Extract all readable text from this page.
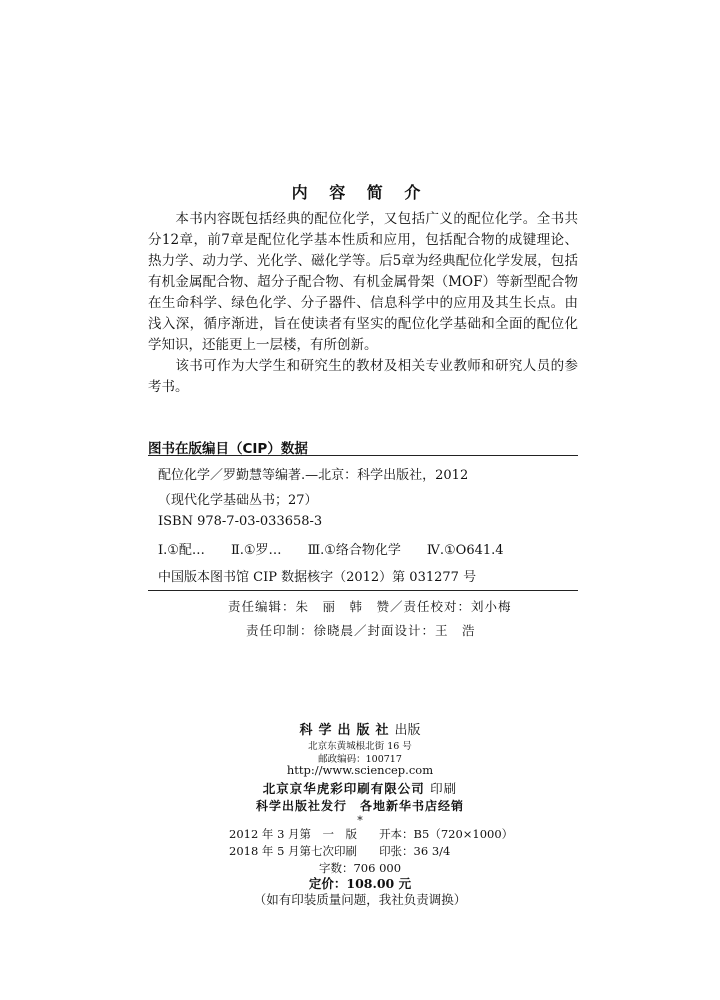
内 容 简 介
本书内容既包括经典的配位化学，又包括广义的配位化学。全书共分12章，前7章是配位化学基本性质和应用，包括配合物的成键理论、热力学、动力学、光化学、磁化学等。后5章为经典配位化学发展，包括有机金属配合物、超分子配合物、有机金属骨架（MOF）等新型配合物在生命科学、绿色化学、分子器件、信息科学中的应用及其生长点。由浅入深，循序渐进，旨在使读者有坚实的配位化学基础和全面的配位化学知识，还能更上一层楼，有所创新。
该书可作为大学生和研究生的教材及相关专业教师和研究人员的参考书。
图书在版编目（CIP）数据
配位化学／罗勤慧等编著.—北京：科学出版社，2012
（现代化学基础丛书；27）
ISBN 978-7-03-033658-3
Ⅰ.①配… Ⅱ.①罗… Ⅲ.①络合物化学 Ⅳ.①O641.4
中国版本图书馆 CIP 数据核字（2012）第 031277 号
责任编辑：朱　丽　韩　赞／责任校对：刘小梅
责任印制：徐晓晨／封面设计：王　浩
科学出版社出版
北京东黄城根北街 16 号
邮政编码：100717
http://www.sciencep.com
北京京华虎彩印刷有限公司 印刷
科学出版社发行　各地新华书店经销
*
2012 年 3 月第　一　版 开本：B5（720×1000）
2018 年 5 月第七次印刷 印张：36 3/4
字数：706 000
定价：108.00 元
（如有印装质量问题，我社负责调换）
